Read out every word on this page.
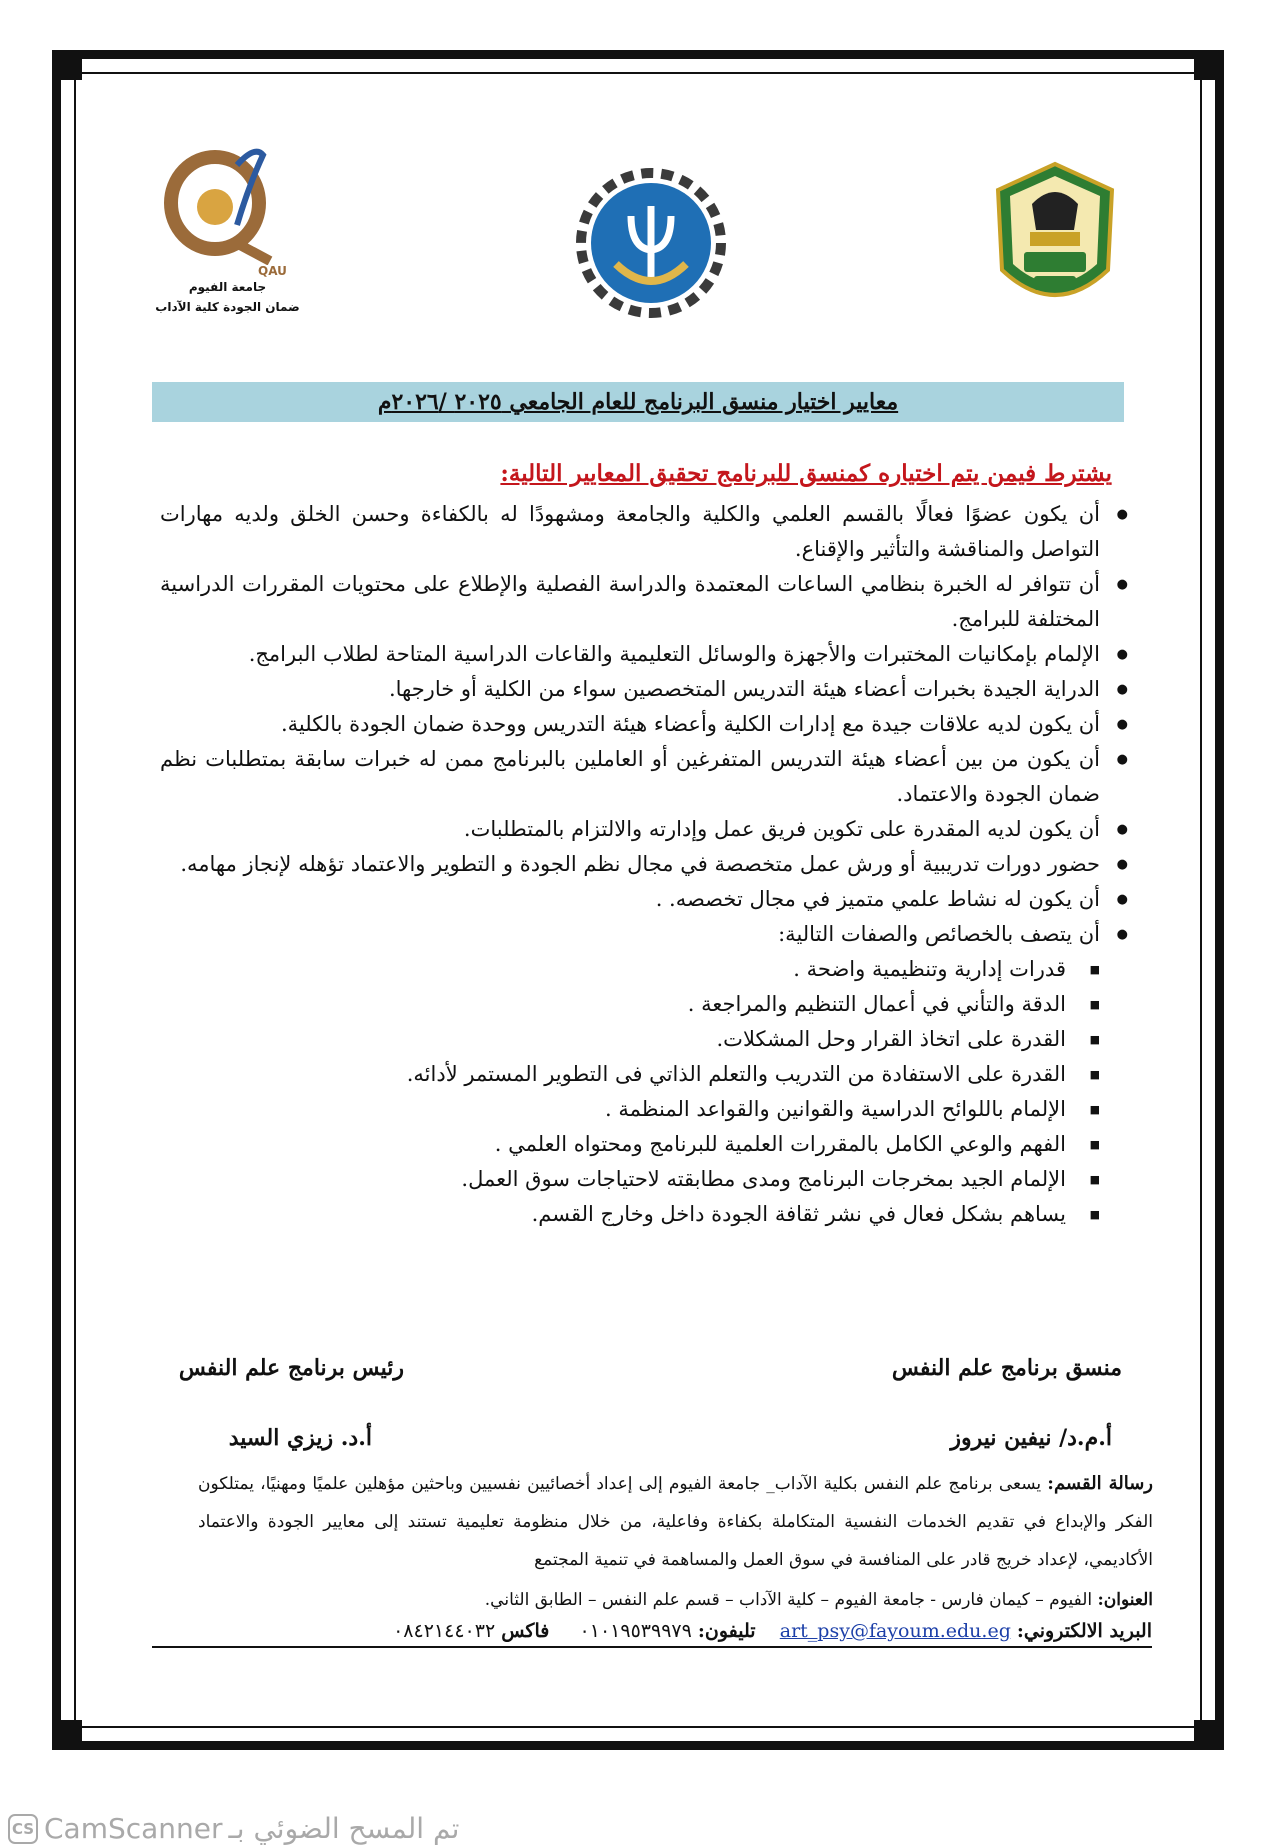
QAU
جامعة الفيوم
ضمان الجودة كلية الآداب
معايير اختيار منسق البرنامج للعام الجامعي ٢٠٢٥ /٢٠٢٦م
يشترط فيمن يتم اختياره كمنسق للبرنامج تحقيق المعايير التالية:
● أن يكون عضوًا فعالًا بالقسم العلمي والكلية والجامعة ومشهودًا له بالكفاءة وحسن الخلق ولديه مهارات التواصل والمناقشة والتأثير والإقناع.
● أن تتوافر له الخبرة بنظامي الساعات المعتمدة والدراسة الفصلية والإطلاع على محتويات المقررات الدراسية المختلفة للبرامج.
● الإلمام بإمكانيات المختبرات والأجهزة والوسائل التعليمية والقاعات الدراسية المتاحة لطلاب البرامج.
● الدراية الجيدة بخبرات أعضاء هيئة التدريس المتخصصين سواء من الكلية أو خارجها.
● أن يكون لديه علاقات جيدة مع إدارات الكلية وأعضاء هيئة التدريس ووحدة ضمان الجودة بالكلية.
● أن يكون من بين أعضاء هيئة التدريس المتفرغين أو العاملين بالبرنامج ممن له خبرات سابقة بمتطلبات نظم ضمان الجودة والاعتماد.
● أن يكون لديه المقدرة على تكوين فريق عمل وإدارته والالتزام بالمتطلبات.
● حضور دورات تدريبية أو ورش عمل متخصصة في مجال نظم الجودة و التطوير والاعتماد تؤهله لإنجاز مهامه.
● أن يكون له نشاط علمي متميز في مجال تخصصه. .
● أن يتصف بالخصائص والصفات التالية:
■ قدرات إدارية وتنظيمية واضحة .
■ الدقة والتأني في أعمال التنظيم والمراجعة .
■ القدرة على اتخاذ القرار وحل المشكلات.
■ القدرة على الاستفادة من التدريب والتعلم الذاتي فى التطوير المستمر لأدائه.
■ الإلمام باللوائح الدراسية والقوانين والقواعد المنظمة .
■ الفهم والوعي الكامل بالمقررات العلمية للبرنامج ومحتواه العلمي .
■ الإلمام الجيد بمخرجات البرنامج ومدى مطابقته لاحتياجات سوق العمل.
■ يساهم بشكل فعال في نشر ثقافة الجودة داخل وخارج القسم.
منسق برنامج علم النفس
رئيس برنامج علم النفس
أ.م.د/ نيفين نيروز
أ.د. زيزي السيد
رسالة القسم: يسعى برنامج علم النفس بكلية الآداب_ جامعة الفيوم إلى إعداد أخصائيين نفسيين وباحثين مؤهلين علميًا ومهنيًا، يمتلكون الفكر والإبداع في تقديم الخدمات النفسية المتكاملة بكفاءة وفاعلية، من خلال منظومة تعليمية تستند إلى معايير الجودة والاعتماد الأكاديمي، لإعداد خريج قادر على المنافسة في سوق العمل والمساهمة في تنمية المجتمع
العنوان: الفيوم – كيمان فارس - جامعة الفيوم – كلية الآداب – قسم علم النفس – الطابق الثاني.
البريد الالكتروني: art_psy@fayoum.edu.eg    تليفون: ٠١٠١٩٥٣٩٩٧٩     فاكس ٠٨٤٢١٤٤٠٣٢
CS CamScanner تم المسح الضوئي بـ
